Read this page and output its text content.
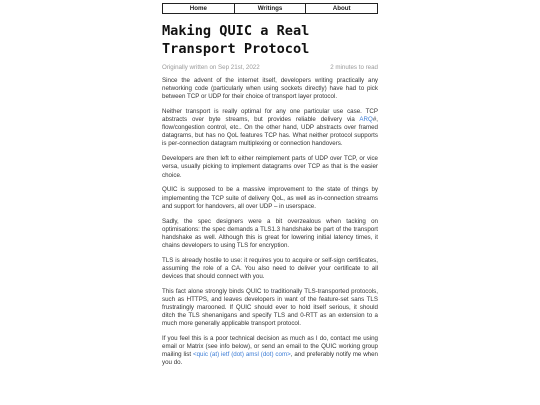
Home	Writings	About
Making QUIC a Real Transport Protocol
Originally written on Sep 21st, 2022	2 minutes to read

Since the advent of the internet itself, developers writing practically any networking code (particularly when using sockets directly) have had to pick between TCP or UDP for their choice of transport layer protocol.

Neither transport is really optimal for any one particular use case. TCP abstracts over byte streams, but provides reliable delivery via ARQ#, flow/congestion control, etc.. On the other hand, UDP abstracts over framed datagrams, but has no QoL features TCP has. What neither protocol supports is per-connection datagram multiplexing or connection handovers.

Developers are then left to either reimplement parts of UDP over TCP, or vice versa, usually picking to implement datagrams over TCP as that is the easier choice.

QUIC is supposed to be a massive improvement to the state of things by implementing the TCP suite of delivery QoL, as well as in-connection streams and support for handovers, all over UDP – in userspace.

Sadly, the spec designers were a bit overzealous when tacking on optimisations: the spec demands a TLS1.3 handshake be part of the transport handshake as well. Although this is great for lowering initial latency times, it chains developers to using TLS for encryption.

TLS is already hostile to use: it requires you to acquire or self-sign certificates, assuming the role of a CA. You also need to deliver your certificate to all devices that should connect with you.

This fact alone strongly binds QUIC to traditionally TLS-transported protocols, such as HTTPS, and leaves developers in want of the feature-set sans TLS frustratingly marooned. If QUIC should ever to hold itself serious, it should ditch the TLS shenanigans and specify TLS and 0-RTT as an extension to a much more generally applicable transport protocol.

If you feel this is a poor technical decision as much as I do, contact me using email or Matrix (see info below), or send an email to the QUIC working group mailing list <quic (at) ietf (dot) amsl (dot) com>, and preferably notify me when you do.
